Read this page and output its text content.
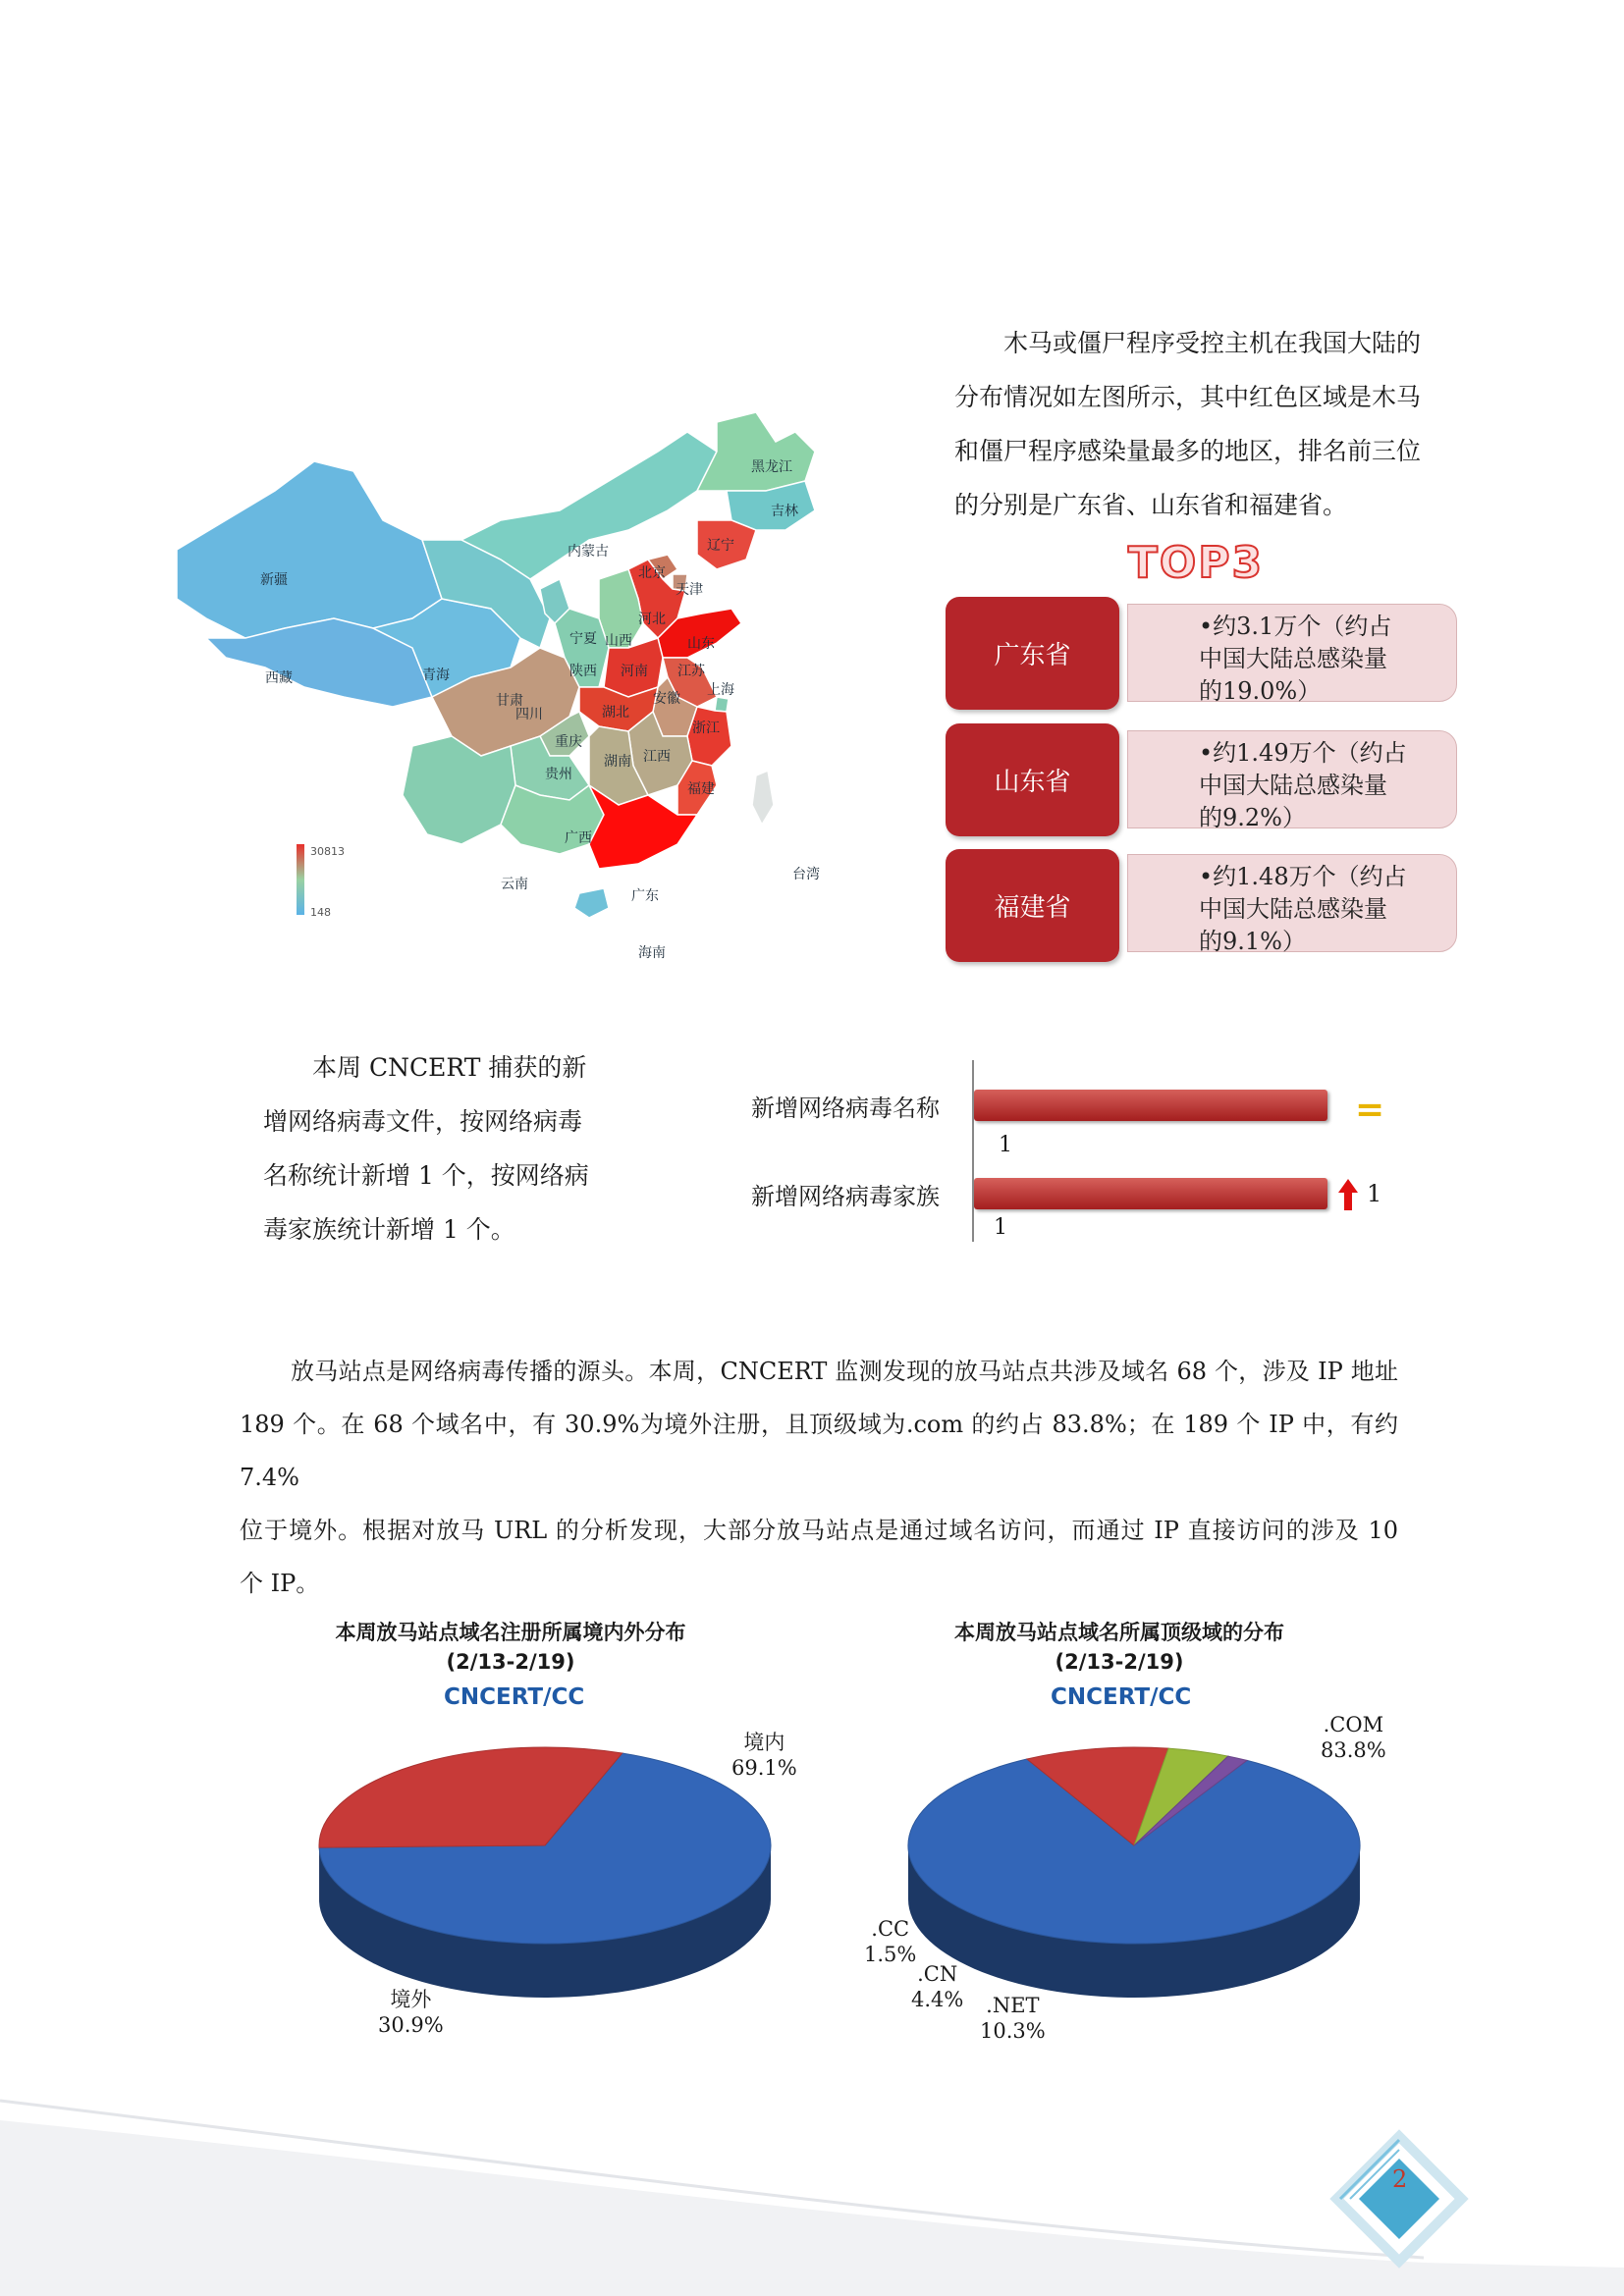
木马或僵尸程序受控主机在我国大陆的
分布情况如左图所示，其中红色区域是木马
和僵尸程序感染量最多的地区，排名前三位
的分别是广东省、山东省和福建省。
新疆
西藏	青海
甘肃
内蒙古
黑龙江
吉林
辽宁
宁夏
北京
天津
河北
山西	山东
陕西 河南 江苏
安徽
上海
四川	湖北
浙江
重庆
江西
湖南
福建
贵州
云南
广西
广东
台湾
海南
30813
148
TOP3
广东省
•约3.1万个（约占
中国大陆总感染量
的19.0%）
山东省
•约1.49万个（约占
中国大陆总感染量
的9.2%）
福建省
•约1.48万个（约占
中国大陆总感染量
的9.1%）
本周 CNCERT 捕获的新
增网络病毒文件，按网络病毒
名称统计新增 1 个，按网络病
毒家族统计新增 1 个。
新增网络病毒名称
新增网络病毒家族
1
1
=
1
放马站点是网络病毒传播的源头。本周，CNCERT 监测发现的放马站点共涉及域名 68 个，涉及 IP 地址
189 个。在 68 个域名中，有 30.9%为境外注册，且顶级域为.com 的约占 83.8%；在 189 个 IP 中，有约 7.4%
位于境外。根据对放马 URL 的分析发现，大部分放马站点是通过域名访问，而通过 IP 直接访问的涉及 10
个 IP。
本周放马站点域名注册所属境内外分布
(2/13-2/19)
CNCERT/CC
境内
69.1%
境外
30.9%
本周放马站点域名所属顶级域的分布
(2/13-2/19)
CNCERT/CC
.COM
83.8%
.CC
1.5%
.CN
4.4% .NET
10.3%
2
